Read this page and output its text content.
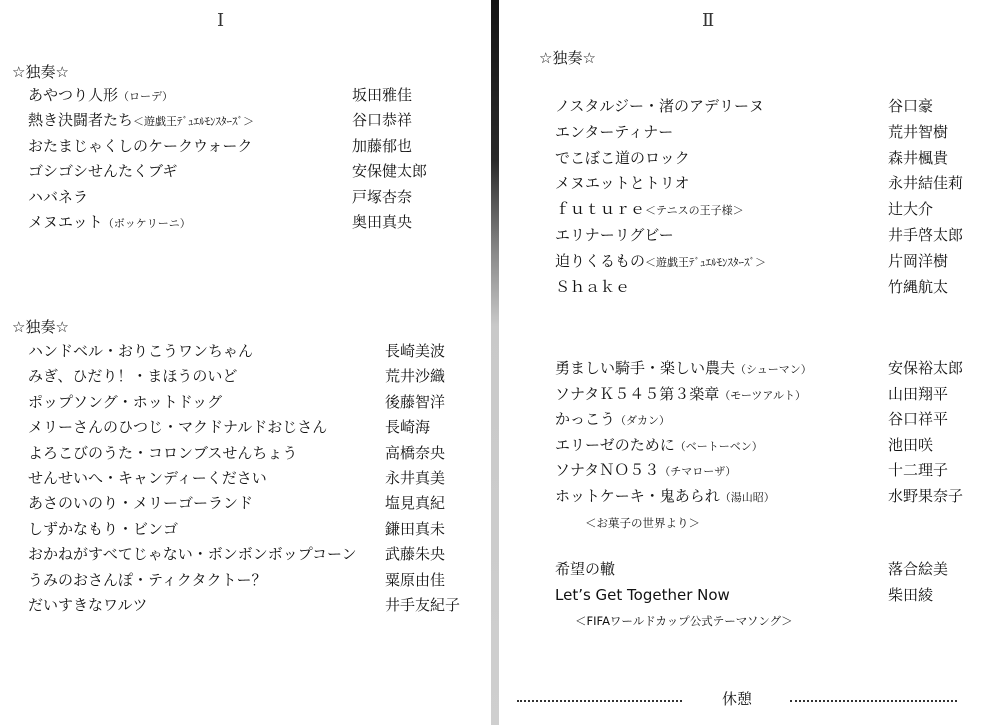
Ⅰ
☆独奏☆
あやつり人形（ローデ）	坂田雅佳
熱き決闘者たち＜遊戯王ﾃﾞｭｴﾙﾓﾝｽﾀｰｽﾞ＞	谷口恭祥
おたまじゃくしのケークウォーク	加藤郁也
ゴシゴシせんたくブギ	安保健太郎
ハバネラ	戸塚杏奈
メヌエット（ボッケリーニ）	奥田真央
☆独奏☆
ハンドベル・おりこうワンちゃん	長崎美波
みぎ、ひだり！・まほうのいど	荒井沙織
ポップソング・ホットドッグ	後藤智洋
メリーさんのひつじ・マクドナルドおじさん	長崎海
よろこびのうた・コロンブスせんちょう	高橋奈央
せんせいへ・キャンディーください	永井真美
あさのいのり・メリーゴーランド	塩見真紀
しずかなもり・ビンゴ	鎌田真未
おかねがすべてじゃない・ボンボンボップコーン 武藤朱央
うみのおさんぽ・ティクタクトー？	粟原由佳
だいすきなワルツ	井手友紀子
Ⅱ
☆独奏☆
ノスタルジー・渚のアデリーヌ	谷口豪
エンターティナー	荒井智樹
でこぼこ道のロック	森井楓貴
メヌエットとトリオ	永井結佳莉
ｆｕｔｕｒｅ＜テニスの王子様＞	辻大介
エリナーリグビー	井手啓太郎
迫りくるもの＜遊戯王ﾃﾞｭｴﾙﾓﾝｽﾀｰｽﾞ＞	片岡洋樹
Ｓｈａｋｅ	竹縄航太
勇ましい騎手・楽しい農夫（シューマン）	安保裕太郎
ソナタＫ５４５第３楽章（モーツアルト）	山田翔平
かっこう（ダカン）	谷口祥平
エリーゼのために（ベートーベン）	池田咲
ソナタＮＯ５３（チマローザ）	十二理子
ホットケーキ・鬼あられ（湯山昭）	水野果奈子
＜お菓子の世界より＞
希望の轍	落合絵美
Let’s Get Together Now	柴田綾
＜FIFAワールドカップ公式テーマソング＞
休憩
